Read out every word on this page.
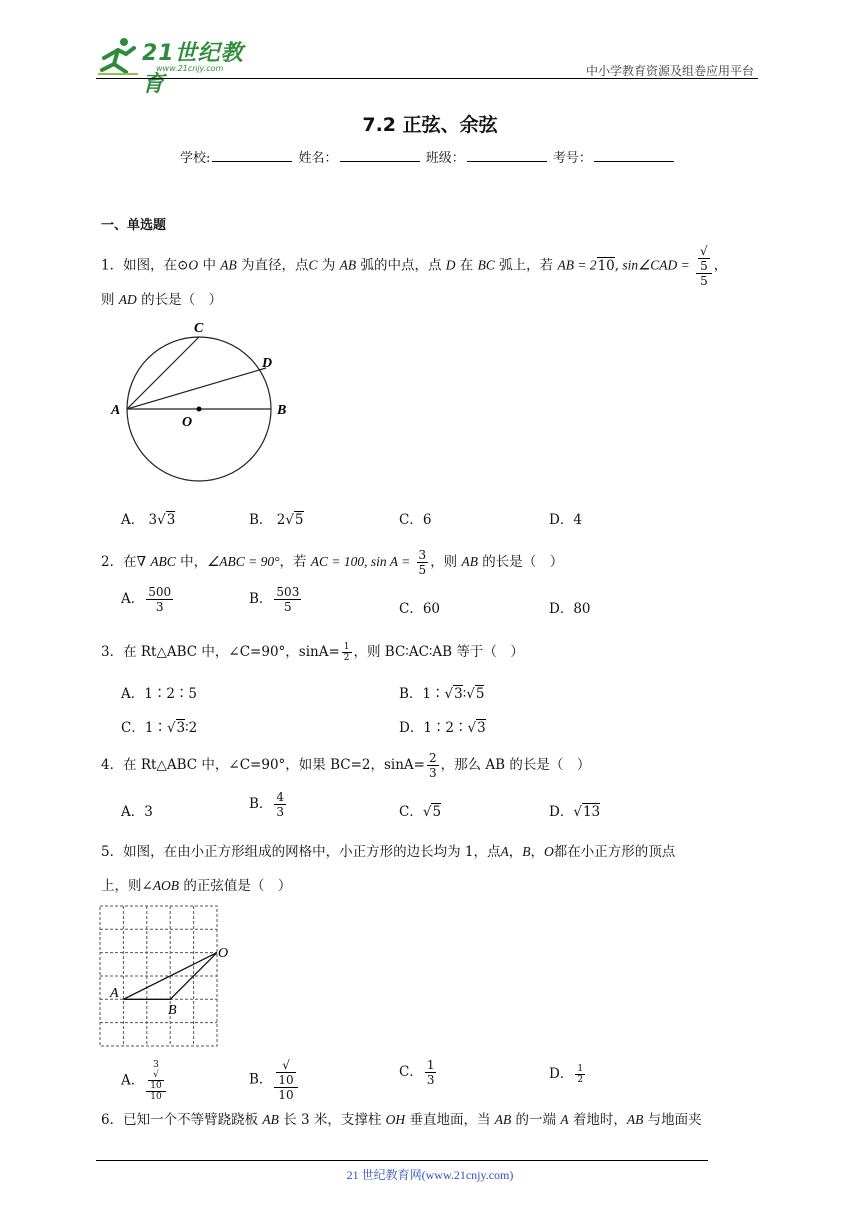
21世纪教育
www.21cnjy.com	中小学教育资源及组卷应用平台
7.2 正弦、余弦
学校:	姓名：	班级：	考号：
一、单选题
1．如图，在⊙O 中 AB 为直径，点C 为 AB 弧的中点，点 D 在 BC 弧上，若 AB = 210, sin∠CAD = √
5
5 ，
则 AD 的长是（　）
A	B
C
D
O
A． 3√3	B． 2√5	C．6	D．4
2．在∇ ABC 中，∠ABC = 90°，若 AC = 100, $\sin A = \frac{3}{5}$ ，则 AB 的长是（　）
A． $\frac{500}{3}$	B． $\frac{503}{5}$	C．60	D．80
3．在 Rt△ABC 中，∠C=90°，$\sin A= \frac{1}{2}$ ，则 BC∶AC∶AB 等于（　）
A．1∶2∶5	B．1∶√3∶√5
C．1∶√3∶2	D．1∶2∶√3
4．在 Rt△ABC 中，∠C=90°，如果 BC=2，$\sin A= \frac{2}{3}$ ，那么 AB 的长是（　）
A．3	B． $\frac{4}{3}$	C．√5	D．√13
5．如图，在由小正方形组成的网格中，小正方形的边长均为 1，点A，B，O都在小正方形的顶点
上，则∠AOB 的正弦值是（　）
A
B
O
A． 3
√
10
10	B． √
10
10	C． $\frac{1}{3}$	D． $\frac{1}{2}$
6．已知一个不等臂跷跷板 AB 长 3 米，支撑柱 OH 垂直地面，当 AB 的一端 A 着地时，AB 与地面夹
21 世纪教育网(www.21cnjy.com)
